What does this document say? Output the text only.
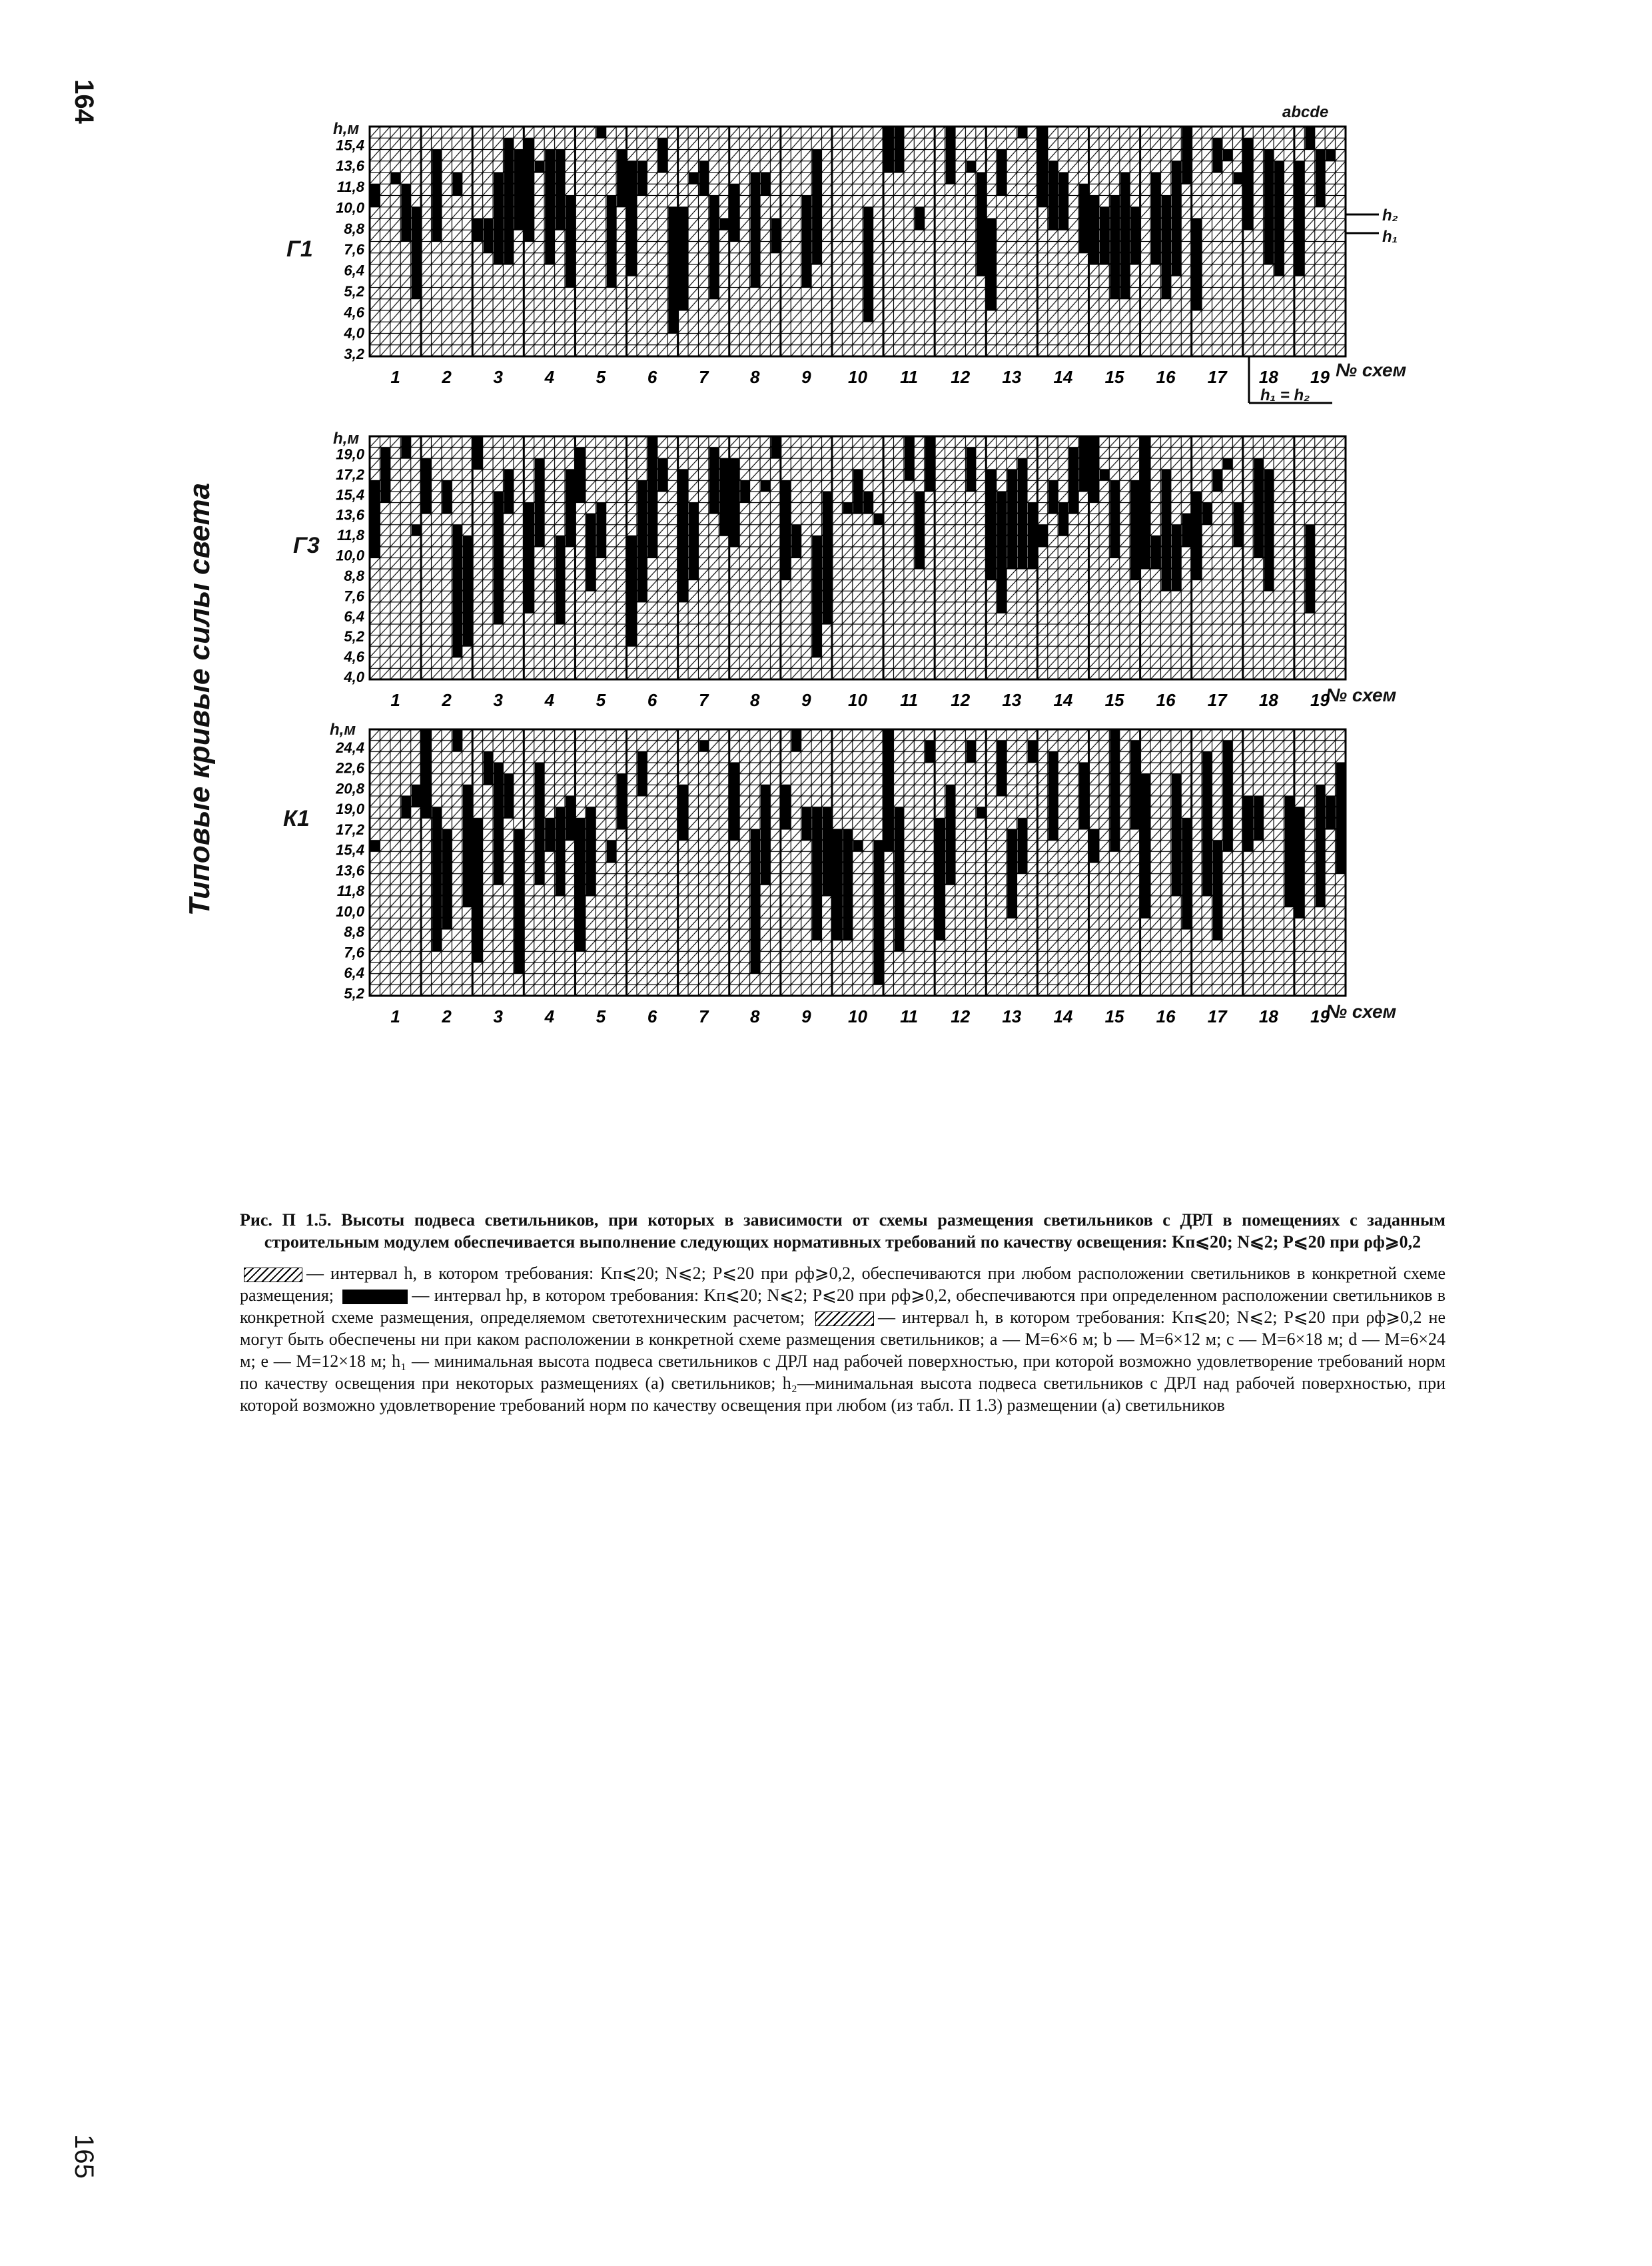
164
165
Типовые кривые силы света
Г1
h,м
abcde
h₂
h₁
h₁ = h₂
№ схем
15,4
13,6
11,8
10,0
8,8
7,6
6,4
5,2
4,6
4,0
3,2
1 2 3 4 5 6 7 8 9 10 11 12 13 14 15 16 17 18 19
Г3
h,м
№ схем
19,0
17,2
15,4
13,6
11,8
10,0
8,8
7,6
6,4
5,2
4,6
4,0
1 2 3 4 5 6 7 8 9 10 11 12 13 14 15 16 17 18 19
К1
h,м
№ схем
24,4
22,6
20,8
19,0
17,2
15,4
13,6
11,8
10,0
8,8
7,6
6,4
5,2
1 2 3 4 5 6 7 8 9 10 11 12 13 14 15 16 17 18 19
Рис. П 1.5. Высоты подвеса светильников, при которых в зависимости от схемы размещения светильников с ДРЛ в помещениях с заданным строительным модулем обеспечивается выполнение следующих нормативных требований по качеству освещения: Kп⩽20; N⩽2; P⩽20 при ρф⩾0,2
— интервал h, в котором требования: Kп⩽20; N⩽2; P⩽20 при ρф⩾0,2, обеспечиваются при любом расположении светильников в конкретной схеме размещения;	— интервал hр, в котором требования: Kп⩽20; N⩽2; P⩽20 при ρф⩾0,2, обеспечиваются при определенном расположении светильников в конкретной схеме размещения, определяемом светотехническим расчетом;	— интервал h, в котором требования: Kп⩽20; N⩽2; P⩽20 при ρф⩾0,2 не могут быть обеспечены ни при каком расположении в конкретной схеме размещения светильников; a — M=6×6 м; b — M=6×12 м; c — M=6×18 м; d — M=6×24 м; e — M=12×18 м; h₁ — минимальная высота подвеса светильников с ДРЛ над рабочей поверхностью, при которой возможно удовлетворение требований норм по качеству освещения при некоторых размещениях (a) светильников; h₂—минимальная высота подвеса светильников с ДРЛ над рабочей поверхностью, при которой возможно удовлетворение требований норм по качеству освещения при любом (из табл. П 1.3) размещении (a) светильников
